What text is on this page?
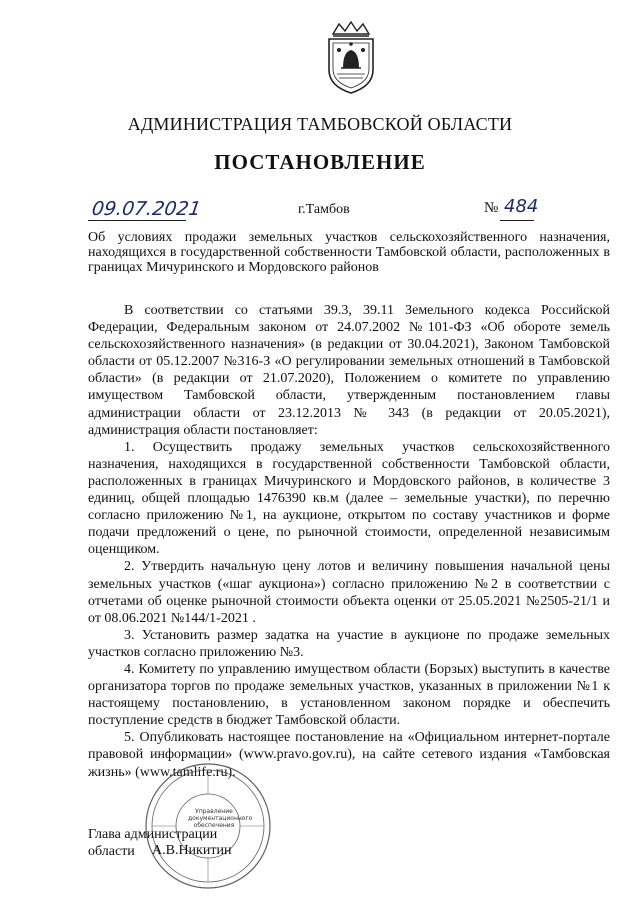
АДМИНИСТРАЦИЯ ТАМБОВСКОЙ ОБЛАСТИ
ПОСТАНОВЛЕНИЕ
09.07.2021	г.Тамбов	№ 484
Об условиях продажи земельных участков сельскохозяйственного назначения, находящихся в государственной собственности Тамбовской области, расположенных в границах Мичуринского и Мордовского районов

В соответствии со статьями 39.3, 39.11 Земельного кодекса Российской Федерации, Федеральным законом от 24.07.2002 №101-ФЗ «Об обороте земель сельскохозяйственного назначения» (в редакции от 30.04.2021), Законом Тамбовской области от 05.12.2007 №316-З «О регулировании земельных отношений в Тамбовской области» (в редакции от 21.07.2020), Положением о комитете по управлению имуществом Тамбовской области, утвержденным постановлением главы администрации области от 23.12.2013 № 343 (в редакции от 20.05.2021), администрация области постановляет:

1. Осуществить продажу земельных участков сельскохозяйственного назначения, находящихся в государственной собственности Тамбовской области, расположенных в границах Мичуринского и Мордовского районов, в количестве 3 единиц, общей площадью 1476390 кв.м (далее – земельные участки), по перечню согласно приложению №1, на аукционе, открытом по составу участников и форме подачи предложений о цене, по рыночной стоимости, определенной независимым оценщиком.

2. Утвердить начальную цену лотов и величину повышения начальной цены земельных участков («шаг аукциона») согласно приложению №2 в соответствии с отчетами об оценке рыночной стоимости объекта оценки от 25.05.2021 №2505-21/1 и от 08.06.2021 №144/1-2021 .

3. Установить размер задатка на участие в аукционе по продаже земельных участков согласно приложению №3.

4. Комитету по управлению имуществом области (Борзых) выступить в качестве организатора торгов по продаже земельных участков, указанных в приложении №1 к настоящему постановлению, в установленном законом порядке и обеспечить поступление средств в бюджет Тамбовской области.

5. Опубликовать настоящее постановление на «Официальном интернет-портале правовой информации» (www.pravo.gov.ru), на сайте сетевого издания «Тамбовская жизнь» (www.tamlife.ru).

Управление документационного обеспечения
Глава администрации
области	А.В.Никитин
